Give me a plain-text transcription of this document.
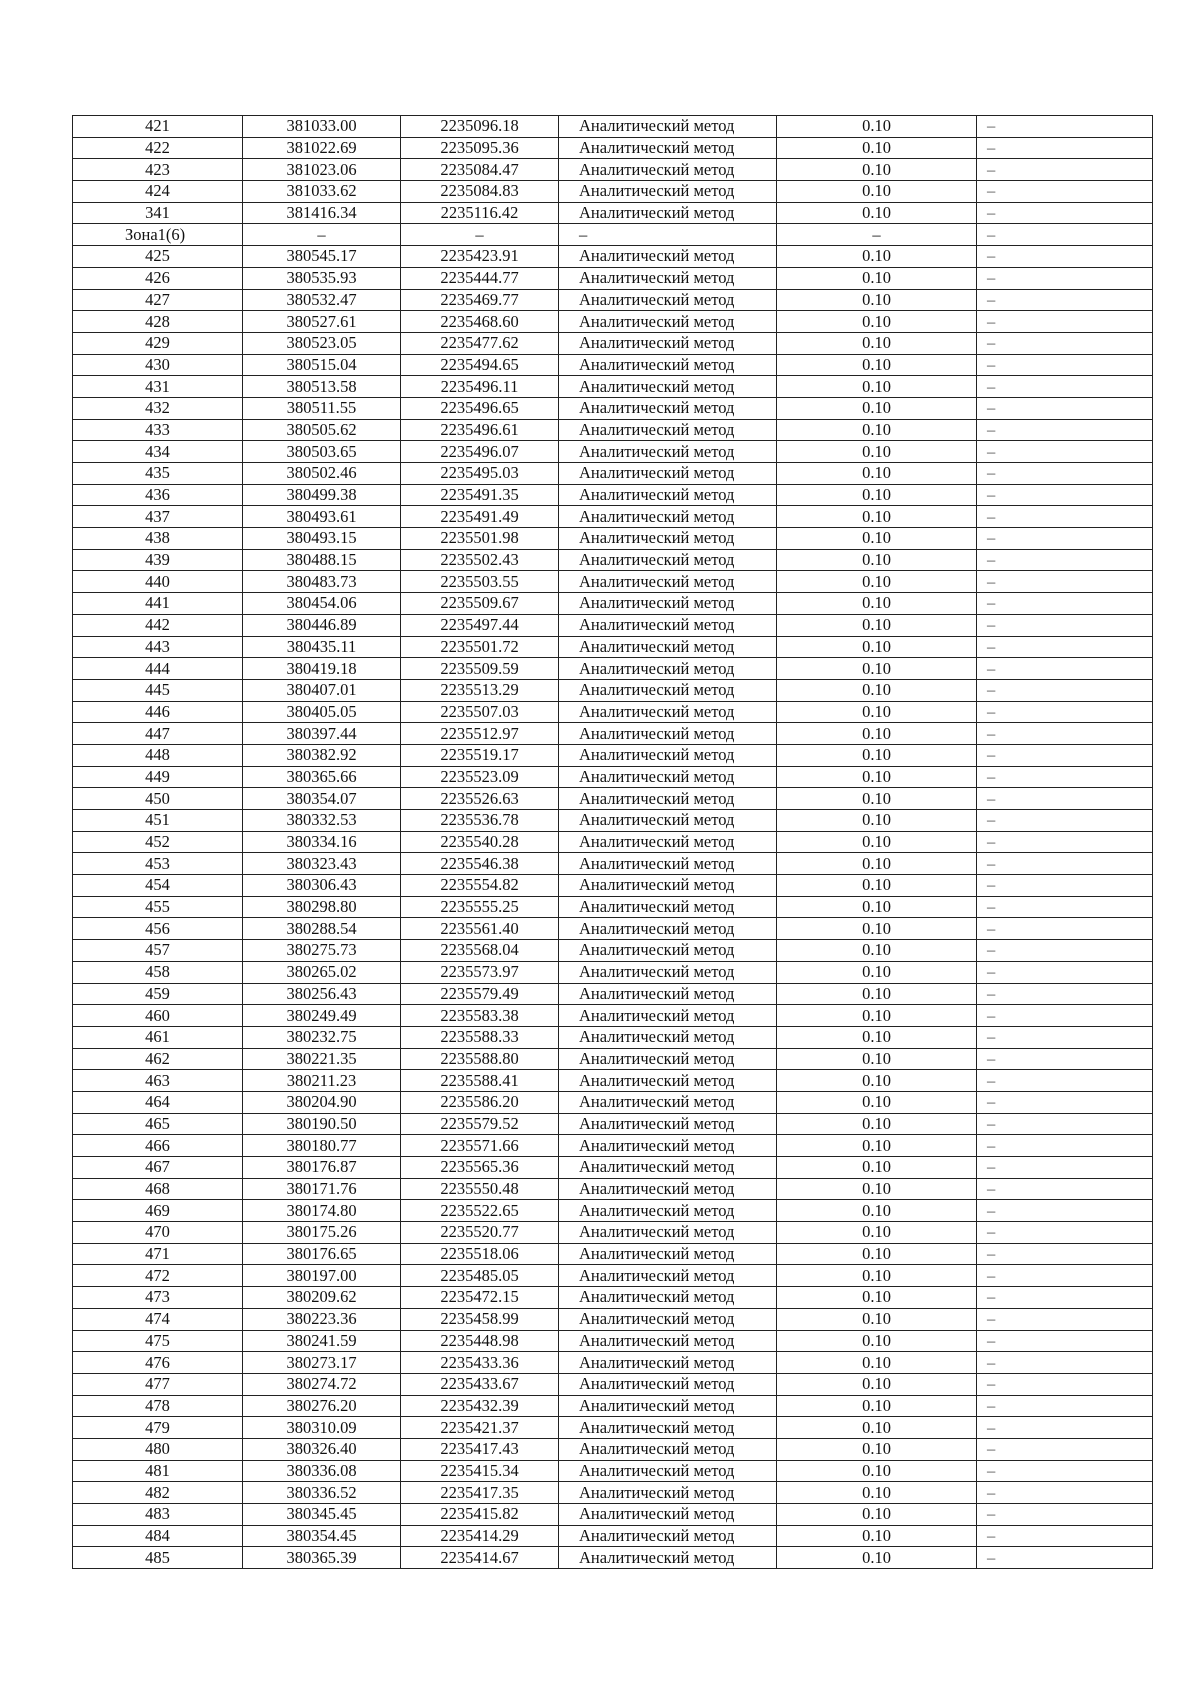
421	381033.00	2235096.18	Аналитический метод	0.10	–
422	381022.69	2235095.36	Аналитический метод	0.10	–
423	381023.06	2235084.47	Аналитический метод	0.10	–
424	381033.62	2235084.83	Аналитический метод	0.10	–
341	381416.34	2235116.42	Аналитический метод	0.10	–
Зона1(6)	–	–	–	–	–
425	380545.17	2235423.91	Аналитический метод	0.10	–
426	380535.93	2235444.77	Аналитический метод	0.10	–
427	380532.47	2235469.77	Аналитический метод	0.10	–
428	380527.61	2235468.60	Аналитический метод	0.10	–
429	380523.05	2235477.62	Аналитический метод	0.10	–
430	380515.04	2235494.65	Аналитический метод	0.10	–
431	380513.58	2235496.11	Аналитический метод	0.10	–
432	380511.55	2235496.65	Аналитический метод	0.10	–
433	380505.62	2235496.61	Аналитический метод	0.10	–
434	380503.65	2235496.07	Аналитический метод	0.10	–
435	380502.46	2235495.03	Аналитический метод	0.10	–
436	380499.38	2235491.35	Аналитический метод	0.10	–
437	380493.61	2235491.49	Аналитический метод	0.10	–
438	380493.15	2235501.98	Аналитический метод	0.10	–
439	380488.15	2235502.43	Аналитический метод	0.10	–
440	380483.73	2235503.55	Аналитический метод	0.10	–
441	380454.06	2235509.67	Аналитический метод	0.10	–
442	380446.89	2235497.44	Аналитический метод	0.10	–
443	380435.11	2235501.72	Аналитический метод	0.10	–
444	380419.18	2235509.59	Аналитический метод	0.10	–
445	380407.01	2235513.29	Аналитический метод	0.10	–
446	380405.05	2235507.03	Аналитический метод	0.10	–
447	380397.44	2235512.97	Аналитический метод	0.10	–
448	380382.92	2235519.17	Аналитический метод	0.10	–
449	380365.66	2235523.09	Аналитический метод	0.10	–
450	380354.07	2235526.63	Аналитический метод	0.10	–
451	380332.53	2235536.78	Аналитический метод	0.10	–
452	380334.16	2235540.28	Аналитический метод	0.10	–
453	380323.43	2235546.38	Аналитический метод	0.10	–
454	380306.43	2235554.82	Аналитический метод	0.10	–
455	380298.80	2235555.25	Аналитический метод	0.10	–
456	380288.54	2235561.40	Аналитический метод	0.10	–
457	380275.73	2235568.04	Аналитический метод	0.10	–
458	380265.02	2235573.97	Аналитический метод	0.10	–
459	380256.43	2235579.49	Аналитический метод	0.10	–
460	380249.49	2235583.38	Аналитический метод	0.10	–
461	380232.75	2235588.33	Аналитический метод	0.10	–
462	380221.35	2235588.80	Аналитический метод	0.10	–
463	380211.23	2235588.41	Аналитический метод	0.10	–
464	380204.90	2235586.20	Аналитический метод	0.10	–
465	380190.50	2235579.52	Аналитический метод	0.10	–
466	380180.77	2235571.66	Аналитический метод	0.10	–
467	380176.87	2235565.36	Аналитический метод	0.10	–
468	380171.76	2235550.48	Аналитический метод	0.10	–
469	380174.80	2235522.65	Аналитический метод	0.10	–
470	380175.26	2235520.77	Аналитический метод	0.10	–
471	380176.65	2235518.06	Аналитический метод	0.10	–
472	380197.00	2235485.05	Аналитический метод	0.10	–
473	380209.62	2235472.15	Аналитический метод	0.10	–
474	380223.36	2235458.99	Аналитический метод	0.10	–
475	380241.59	2235448.98	Аналитический метод	0.10	–
476	380273.17	2235433.36	Аналитический метод	0.10	–
477	380274.72	2235433.67	Аналитический метод	0.10	–
478	380276.20	2235432.39	Аналитический метод	0.10	–
479	380310.09	2235421.37	Аналитический метод	0.10	–
480	380326.40	2235417.43	Аналитический метод	0.10	–
481	380336.08	2235415.34	Аналитический метод	0.10	–
482	380336.52	2235417.35	Аналитический метод	0.10	–
483	380345.45	2235415.82	Аналитический метод	0.10	–
484	380354.45	2235414.29	Аналитический метод	0.10	–
485	380365.39	2235414.67	Аналитический метод	0.10	–
